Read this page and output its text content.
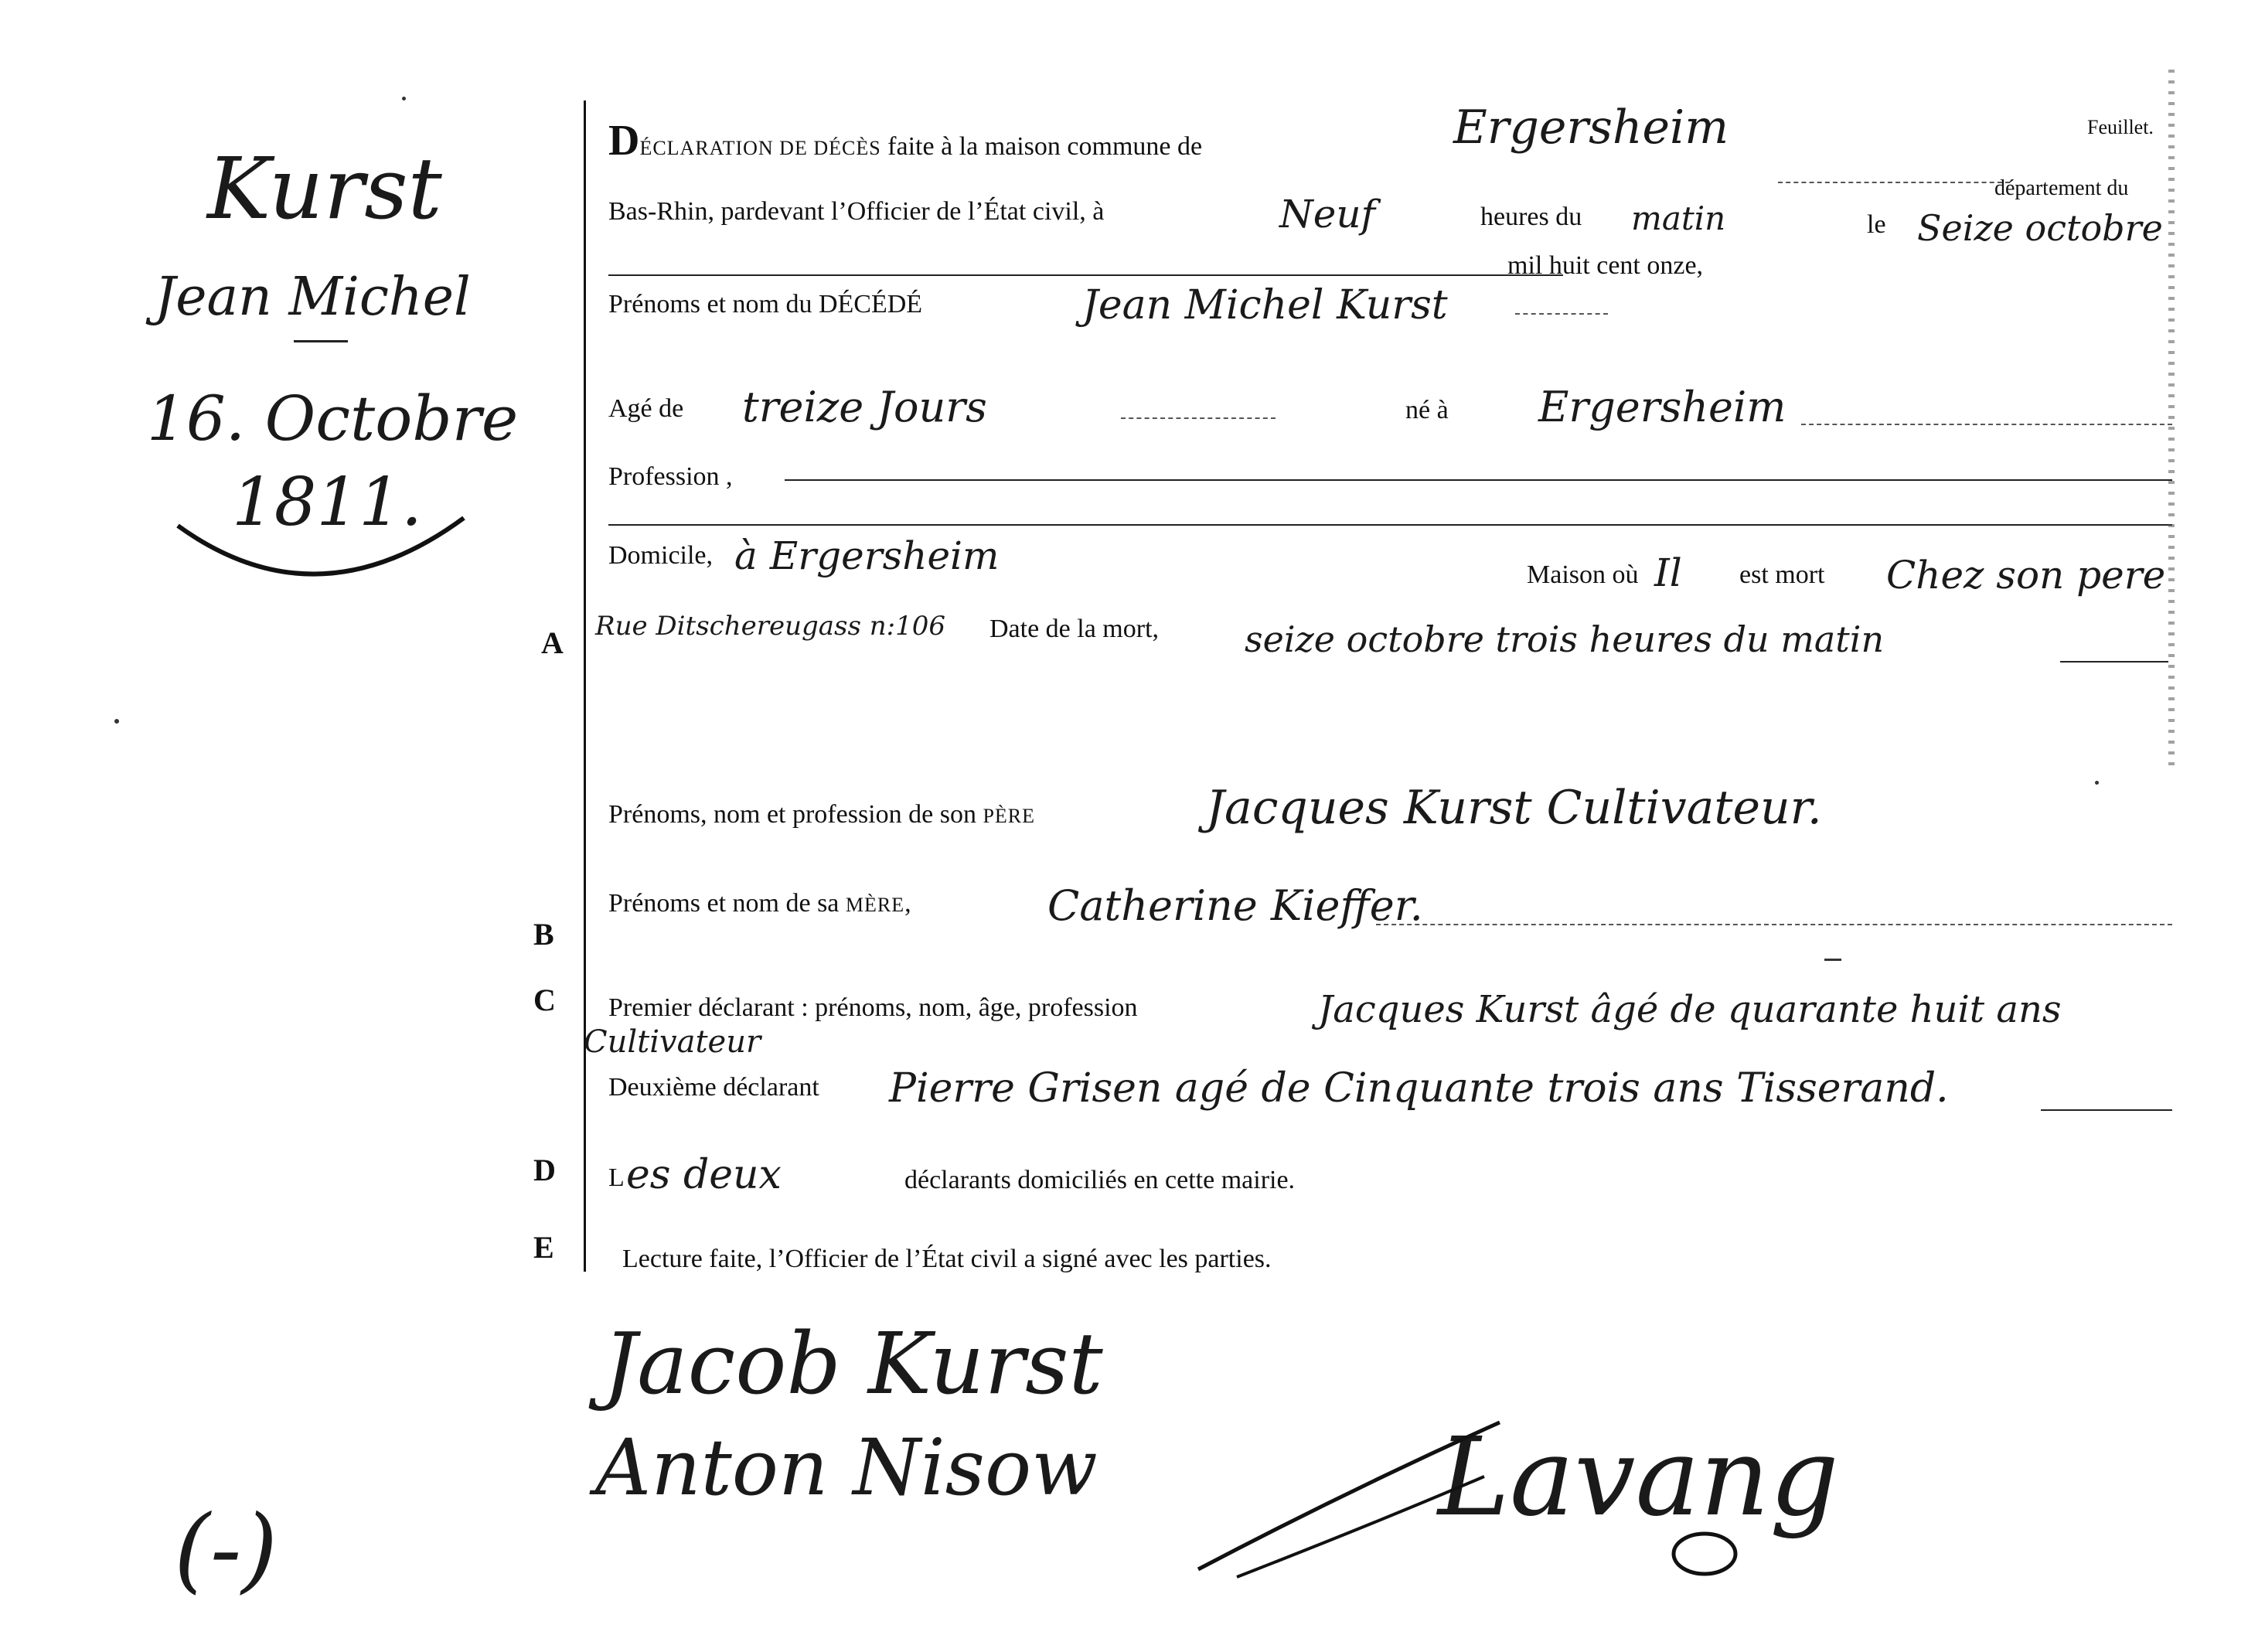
Kurst
Jean Michel
16. Octobre
1811.
DÉCLARATION DE DÉCÈS faite à la maison commune de	Ergersheim	Feuillet.
département du
Bas-Rhin, pardevant l’Officier de l’État civil, à	Neuf	heures du matin	le Seize octobre
mil huit cent onze,
Prénoms et nom du DÉCÉDÉ	Jean Michel Kurst
Agé de treize Jours	né à Ergersheim
Profession ,
Domicile, à Ergersheim	Maison où Il est mort Chez son pere
Rue Ditschereugass n:106 Date de la mort, seize octobre trois heures du matin
Prénoms, nom et profession de son PÈRE	Jacques Kurst Cultivateur.
Prénoms et nom de sa MÈRE,	Catherine Kieffer.
Premier déclarant : prénoms, nom, âge, profession	Jacques Kurst âgé de quarante huit ans
Cultivateur
Deuxième déclarant Pierre Grisen agé de Cinquante trois ans Tisserand.
L es deux	déclarants domiciliés en cette mairie.
Lecture faite, l’Officier de l’État civil a signé avec les parties.
A
B
C
D
E
Jacob Kurst
Anton Nisow	Lavang
(-)
